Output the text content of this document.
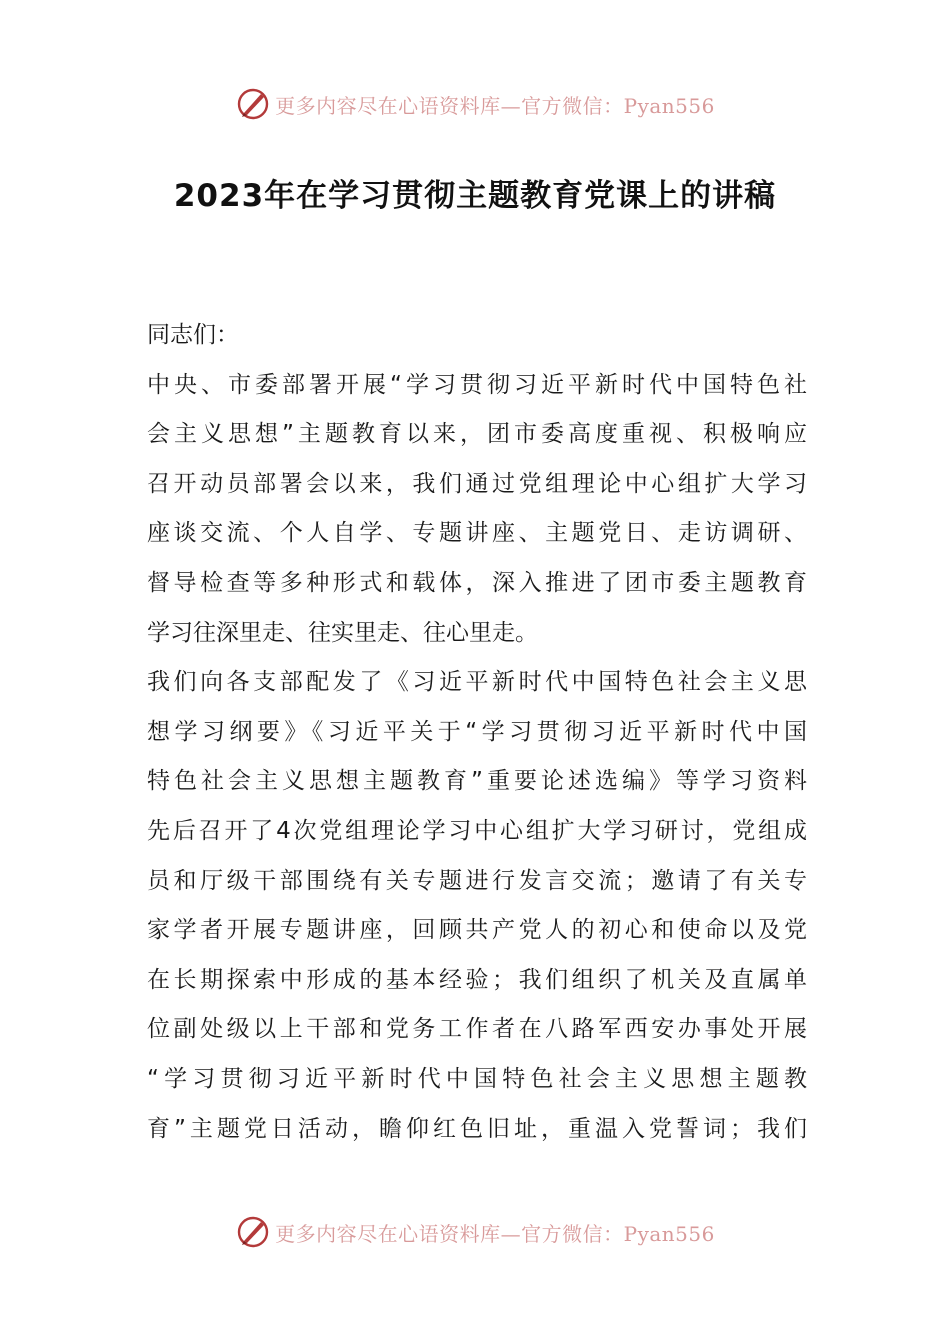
更多内容尽在心语资料库—官方微信：Pyan556
2023年在学习贯彻主题教育党课上的讲稿
同志们：
中央、市委部署开展“学习贯彻习近平新时代中国特色社
会主义思想”主题教育以来，团市委高度重视、积极响应
召开动员部署会以来，我们通过党组理论中心组扩大学习
座谈交流、个人自学、专题讲座、主题党日、走访调研、
督导检查等多种形式和载体，深入推进了团市委主题教育
学习往深里走、往实里走、往心里走。
我们向各支部配发了《习近平新时代中国特色社会主义思
想学习纲要》《习近平关于“学习贯彻习近平新时代中国
特色社会主义思想主题教育”重要论述选编》等学习资料
先后召开了4次党组理论学习中心组扩大学习研讨，党组成
员和厅级干部围绕有关专题进行发言交流；邀请了有关专
家学者开展专题讲座，回顾共产党人的初心和使命以及党
在长期探索中形成的基本经验；我们组织了机关及直属单
位副处级以上干部和党务工作者在八路军西安办事处开展
“学习贯彻习近平新时代中国特色社会主义思想主题教
育”主题党日活动，瞻仰红色旧址，重温入党誓词；我们
更多内容尽在心语资料库—官方微信：Pyan556
